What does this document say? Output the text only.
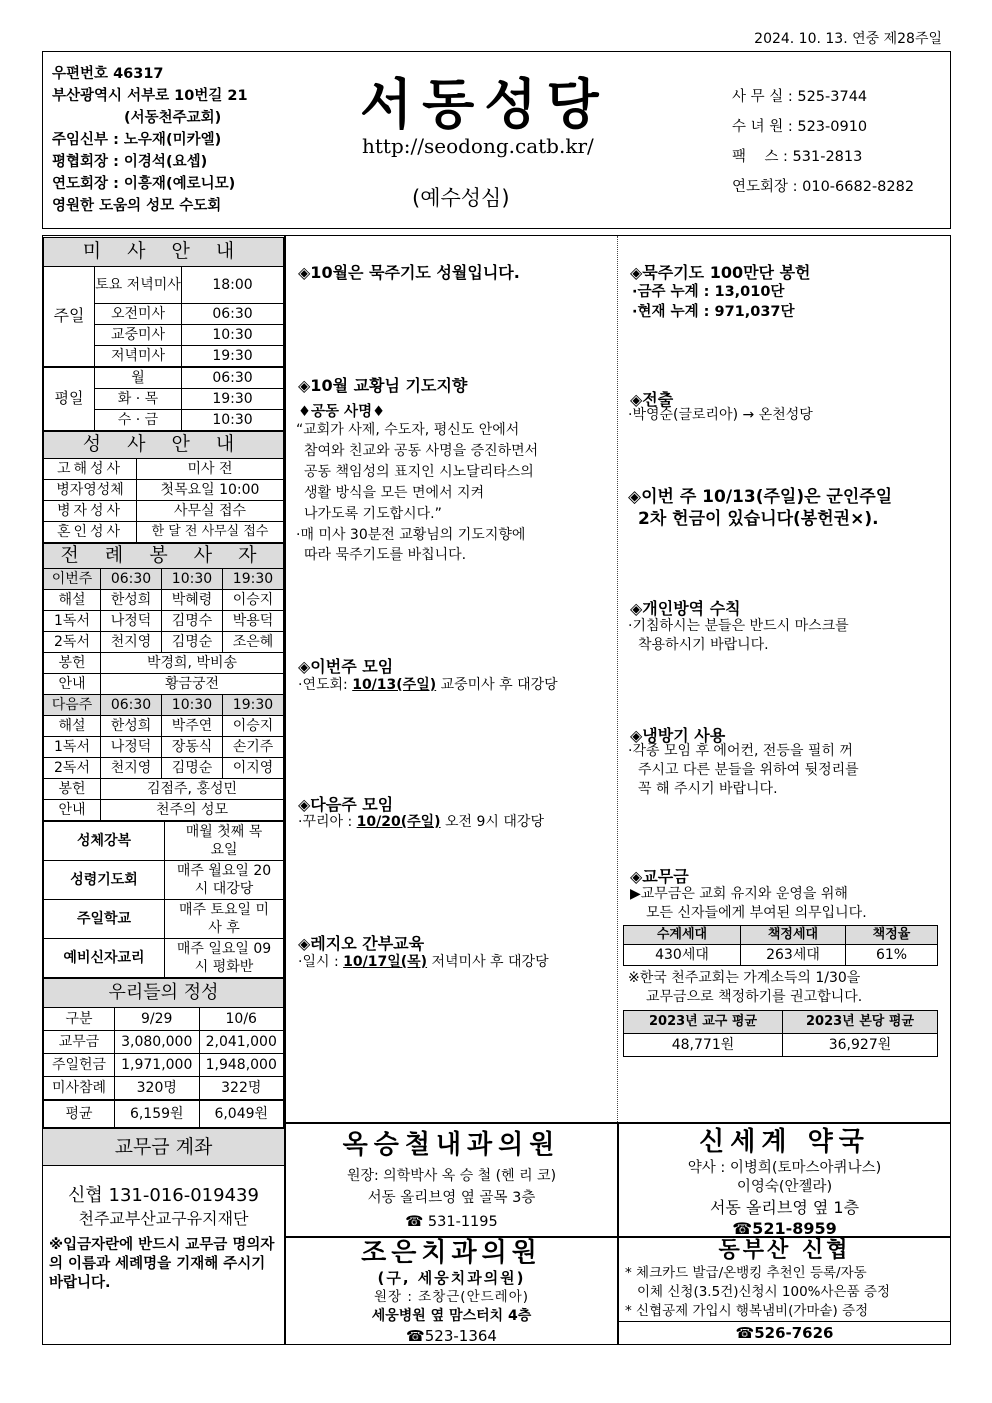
2024. 10. 13. 연중 제28주일
우편번호 46317
부산광역시 서부로 10번길 21
(서동천주교회)
주임신부 : 노우재(미카엘)
평협회장 : 이경석(요셉)
연도회장 : 이흥재(예로니모)
영원한 도움의 성모 수도회
서동성당
http://seodong.catb.kr/
(예수성심)
사 무 실 : 525-3744
수 녀 원 : 523-0910
팩    스 : 531-2813
연도회장 : 010-6682-8282
미 사 안 내		
주일	토요 저녁미사	18:00
	오전미사	06:30
	교중미사	10:30
	저녁미사	19:30
평일	월	06:30
	화 · 목	19:30
	수 · 금	10:30
성 사 안 내	
고해성사	미사 전
병자영성체	첫목요일 10:00
병자성사	사무실 접수
혼인성사	한 달 전 사무실 접수
전 례 봉 사 자			
이번주	06:30	10:30	19:30
해설	한성희	박혜령	이승지
1독서	나정덕	김명수	박용덕
2독서	천지영	김명순	조은혜
봉헌	박경희, 박비송		
안내	황금궁전		
다음주	06:30	10:30	19:30
해설	한성희	박주연	이승지
1독서	나정덕	장동식	손기주
2독서	천지영	김명순	이지영
봉헌	김점주, 홍성민		
안내	천주의 성모		
성체강복	매월 첫째 목요일
성령기도회	매주 월요일 20시 대강당
주일학교	매주 토요일 미사 후
예비신자교리	매주 일요일 09시 평화반
우리들의 정성		
구분	9/29	10/6
교무금	3,080,000	2,041,000
주일헌금	1,971,000	1,948,000
미사참례	320명	322명
평균	6,159원	6,049원
교무금 계좌
신협 131-016-019439
천주교부산교구유지재단
※입금자란에 반드시 교무금 명의자의 이름과 세례명을 기재해 주시기 바랍니다.
◈10월은 묵주기도 성월입니다.
◈10월 교황님 기도지향
♦공동 사명♦
“교회가 사제, 수도자, 평신도 안에서
참여와 친교와 공동 사명을 증진하면서
공동 책임성의 표지인 시노달리타스의
생활 방식을 모든 면에서 지켜
나가도록 기도합시다.”
·매 미사 30분전 교황님의 기도지향에
따라 묵주기도를 바칩니다.
◈이번주 모임
·연도회: 10/13(주일) 교중미사 후 대강당
◈다음주 모임
·꾸리아 : 10/20(주일) 오전 9시 대강당
◈레지오 간부교육
·일시 : 10/17일(목) 저녁미사 후 대강당
◈묵주기도 100만단 봉헌
·금주 누계 : 13,010단
·현재 누계 : 971,037단
◈전출
·박영순(글로리아) → 온천성당
◈이번 주 10/13(주일)은 군인주일
2차 헌금이 있습니다(봉헌권×).
◈개인방역 수칙
·기침하시는 분들은 반드시 마스크를
착용하시기 바랍니다.
◈냉방기 사용
·각종 모임 후 에어컨, 전등을 필히 꺼
주시고 다른 분들을 위하여 뒷정리를
꼭 해 주시기 바랍니다.
◈교무금
▶교무금은 교회 유지와 운영을 위해
모든 신자들에게 부여된 의무입니다.
수계세대	책정세대	책정율
430세대	263세대	61%
※한국 천주교회는 가계소득의 1/30을
교무금으로 책정하기를 권고합니다.
2023년 교구 평균	2023년 본당 평균
48,771원	36,927원
옥승철내과의원
원장: 의학박사 옥 승 철 (헨 리 코)
서동 올리브영 옆 골목 3층
☎ 531-1195
신세계 약국
약사 : 이병희(토마스아퀴나스)
이영숙(안젤라)
서동 올리브영 옆 1층
☎521-8959
조은치과의원
(구, 세웅치과의원)
원장 : 조창근(안드레아)
세웅병원 옆 맘스터치 4층
☎523-1364
동부산 신협
* 체크카드 발급/온뱅킹 추천인 등록/자동
이체 신청(3.5건)신청시 100%사은품 증정
* 신협공제 가입시 행복냄비(가마솥) 증정
☎526-7626
